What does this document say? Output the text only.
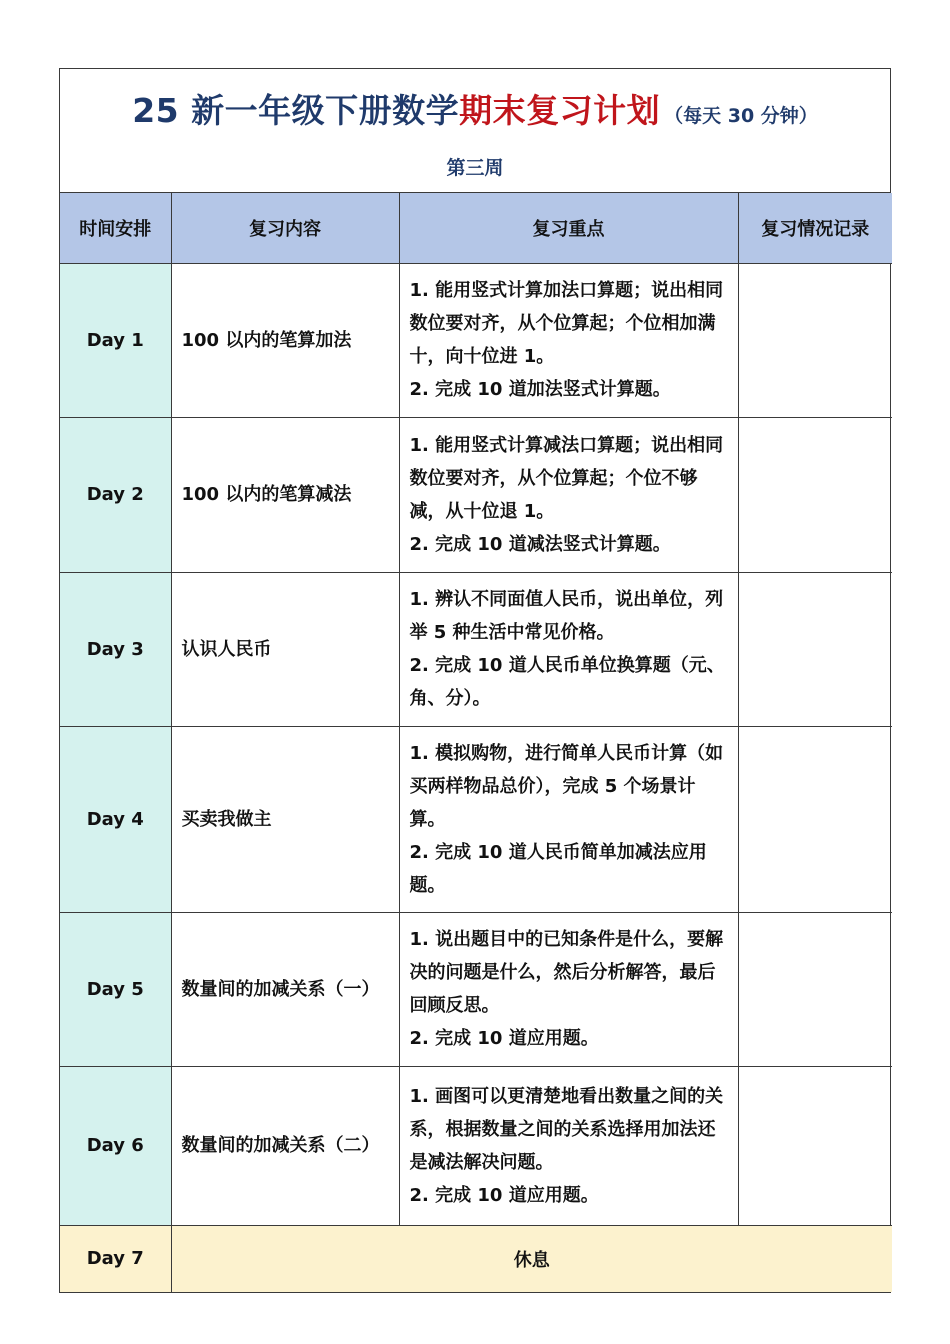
25 新一年级下册数学期末复习计划 （每天 30 分钟）
第三周
时间安排	复习内容	复习重点	复习情况记录
Day 1	100 以内的笔算加法	1. 能用竖式计算加法口算题；说出相同数位要对齐，从个位算起；个位相加满十，向十位进 1。
2. 完成 10 道加法竖式计算题。	
Day 2	100 以内的笔算减法	1. 能用竖式计算减法口算题；说出相同数位要对齐，从个位算起；个位不够减，从十位退 1。
2. 完成 10 道减法竖式计算题。	
Day 3	认识人民币	1. 辨认不同面值人民币，说出单位，列举 5 种生活中常见价格。
2. 完成 10 道人民币单位换算题（元、角、分）。	
Day 4	买卖我做主	1. 模拟购物，进行简单人民币计算（如买两样物品总价），完成 5 个场景计算。
2. 完成 10 道人民币简单加减法应用题。	
Day 5	数量间的加减关系（一）	1. 说出题目中的已知条件是什么，要解决的问题是什么，然后分析解答，最后回顾反思。
2. 完成 10 道应用题。	
Day 6	数量间的加减关系（二）	1. 画图可以更清楚地看出数量之间的关系，根据数量之间的关系选择用加法还是减法解决问题。
2. 完成 10 道应用题。	
Day 7	休息		
